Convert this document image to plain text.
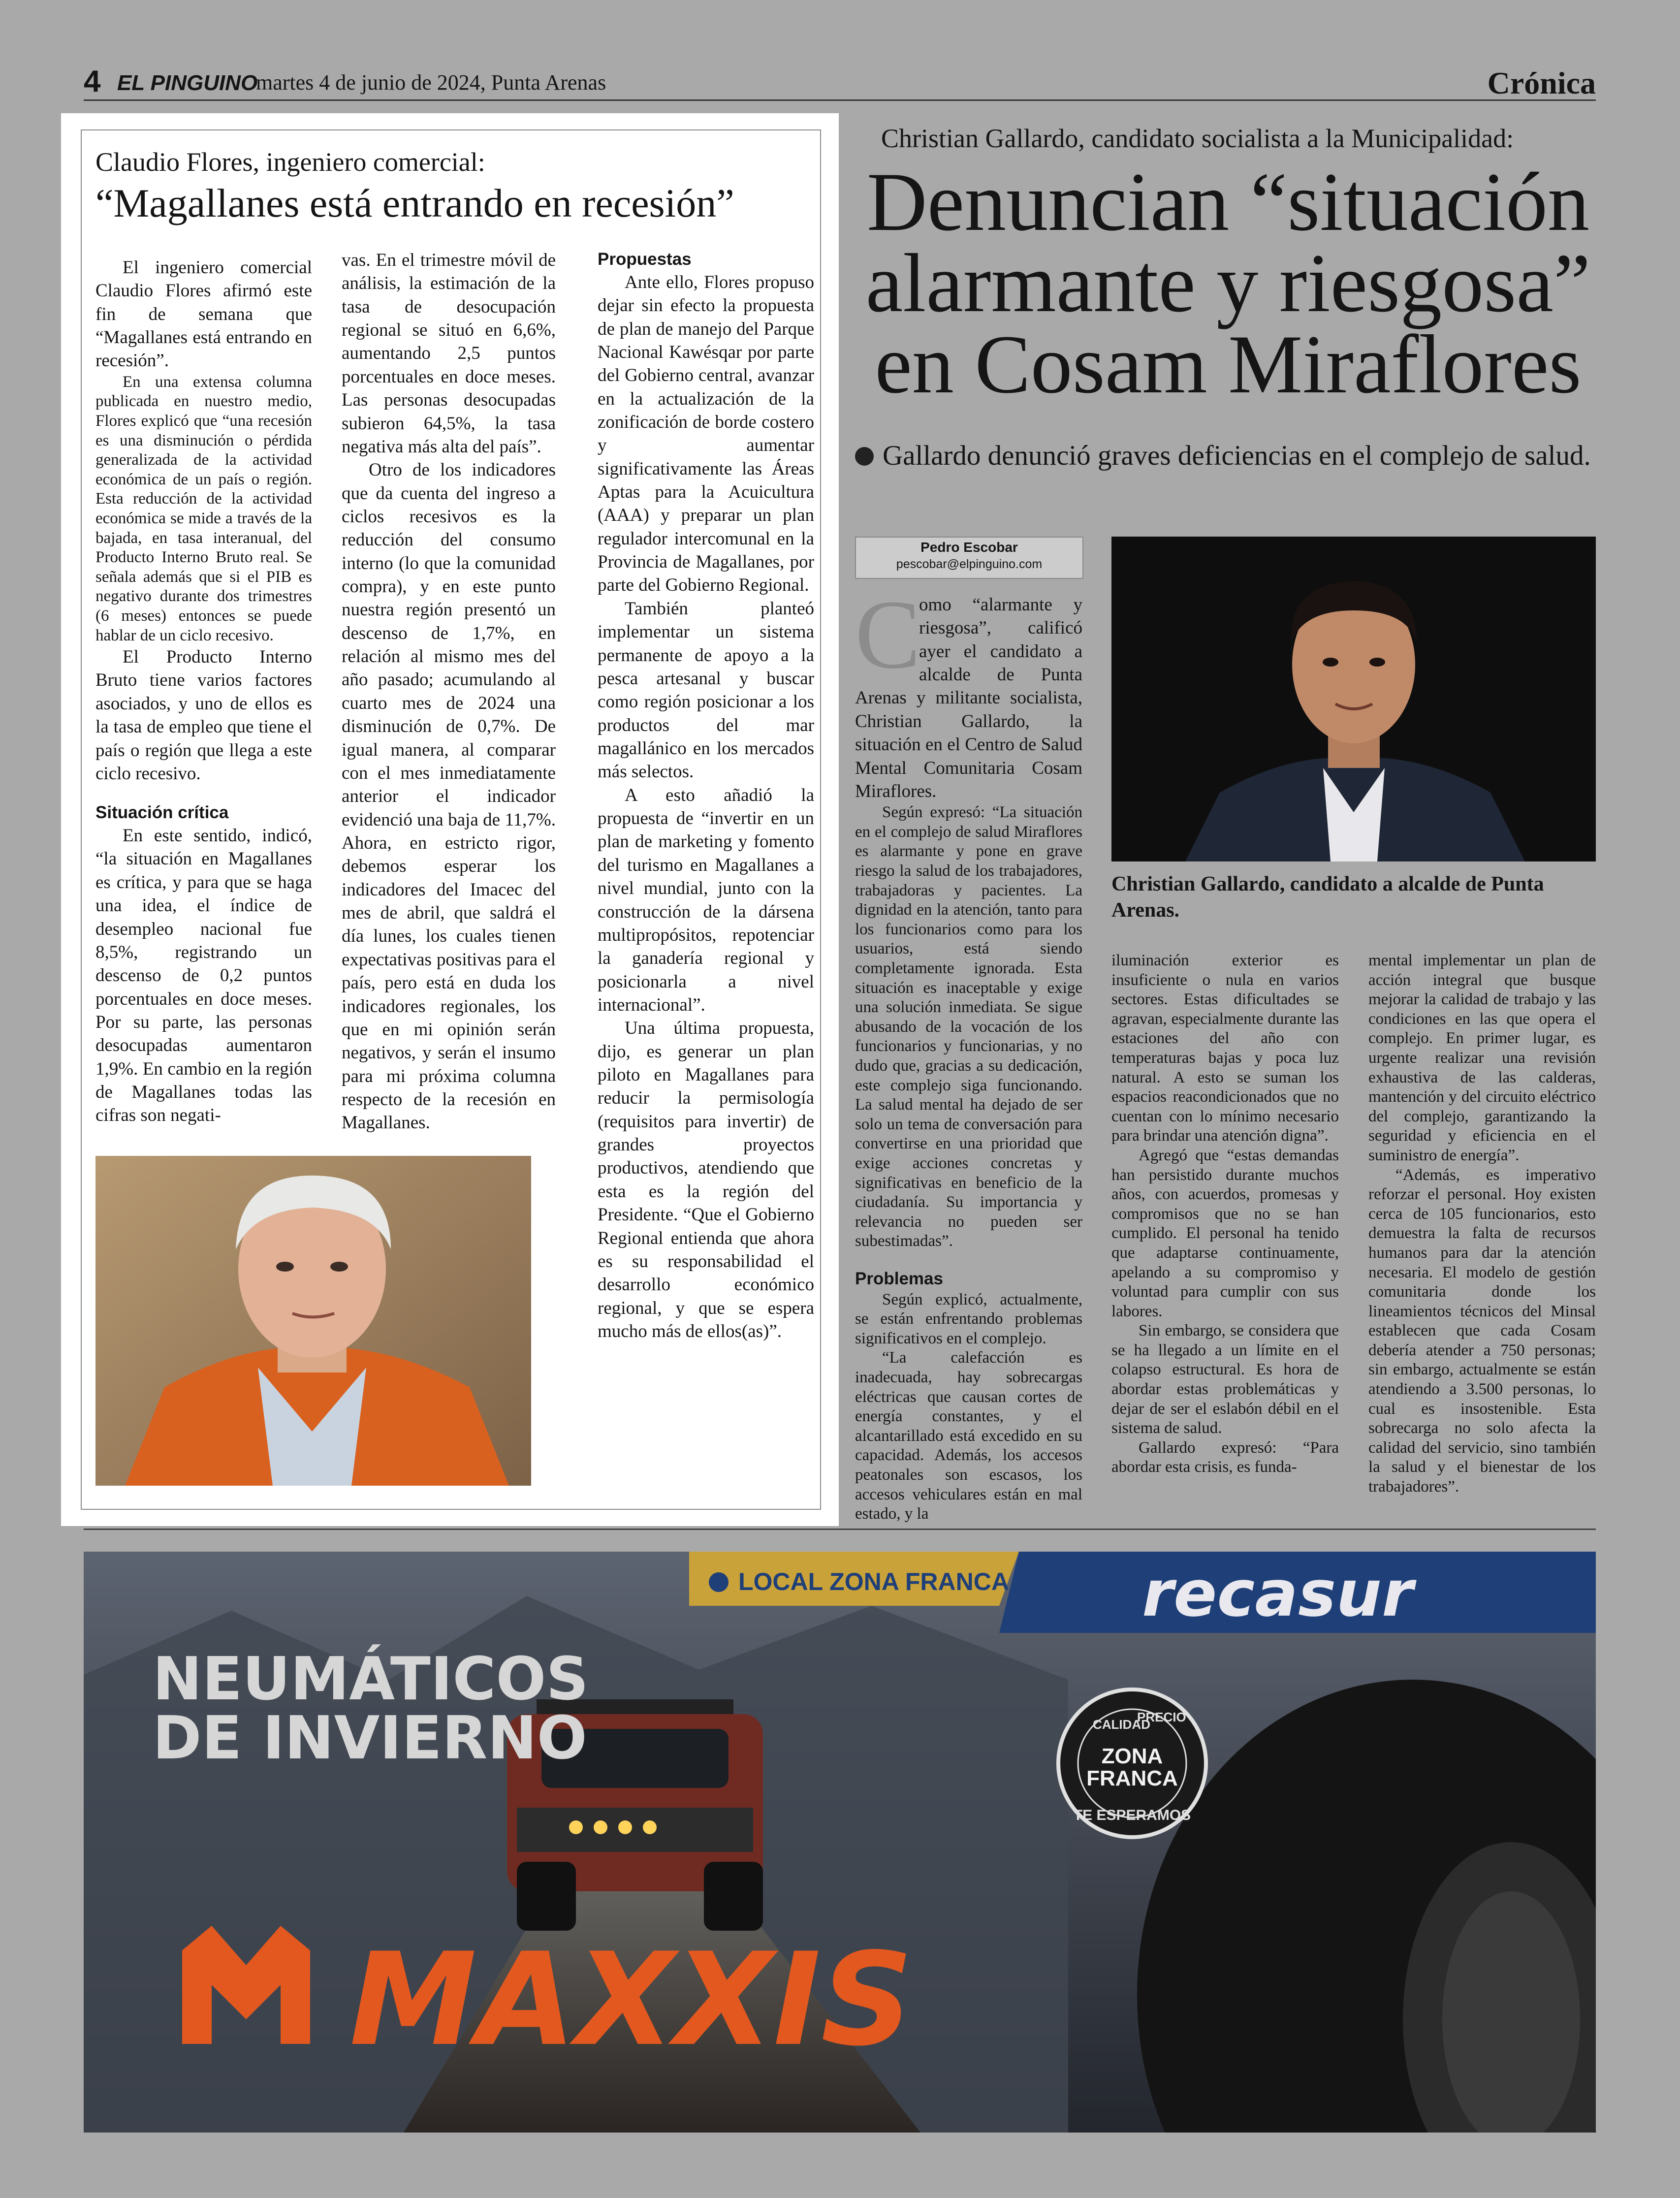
4 EL PINGUINO
martes 4 de junio de 2024, Punta Arenas	Crónica
Claudio Flores, ingeniero comercial:
“Magallanes está entrando en recesión”

El ingeniero comercial Claudio Flores afirmó este fin de semana que “Magallanes está entrando en recesión”.

En una extensa columna publicada en nuestro medio, Flores explicó que “una recesión es una disminución o pérdida generalizada de la actividad económica de un país o región. Esta reducción de la actividad económica se mide a través de la bajada, en tasa interanual, del Producto Interno Bruto real. Se señala además que si el PIB es negativo durante dos trimestres (6 meses) entonces se puede hablar de un ciclo recesivo.

El Producto Interno Bruto tiene varios factores asociados, y uno de ellos es la tasa de empleo que tiene el país o región que llega a este ciclo recesivo.

Situación crítica

En este sentido, indicó, “la situación en Magallanes es crítica, y para que se haga una idea, el índice de desempleo nacional fue 8,5%, registrando un descenso de 0,2 puntos porcentuales en doce meses. Por su parte, las personas desocupadas aumentaron 1,9%. En cambio en la región de Magallanes todas las cifras son negati-

vas. En el trimestre móvil de análisis, la estimación de la tasa de desocupación regional se situó en 6,6%, aumentando 2,5 puntos porcentuales en doce meses. Las personas desocupadas subieron 64,5%, la tasa negativa más alta del país”.

Otro de los indicadores que da cuenta del ingreso a ciclos recesivos es la reducción del consumo interno (lo que la comunidad compra), y en este punto nuestra región presentó un descenso de 1,7%, en relación al mismo mes del año pasado; acumulando al cuarto mes de 2024 una disminución de 0,7%. De igual manera, al comparar con el mes inmediatamente anterior el indicador evidenció una baja de 11,7%. Ahora, en estricto rigor, debemos esperar los indicadores del Imacec del mes de abril, que saldrá el día lunes, los cuales tienen expectativas positivas para el país, pero está en duda los indicadores regionales, los que en mi opinión serán negativos, y serán el insumo para mi próxima columna respecto de la recesión en Magallanes.

Propuestas

Ante ello, Flores propuso dejar sin efecto la propuesta de plan de manejo del Parque Nacional Kawésqar por parte del Gobierno central, avanzar en la actualización de la zonificación de borde costero y aumentar significativamente las Áreas Aptas para la Acuicultura (AAA) y preparar un plan regulador intercomunal en la Provincia de Magallanes, por parte del Gobierno Regional.

También planteó implementar un sistema permanente de apoyo a la pesca artesanal y buscar como región posicionar a los productos del mar magallánico en los mercados más selectos.

A esto añadió la propuesta de “invertir en un plan de marketing y fomento del turismo en Magallanes a nivel mundial, junto con la construcción de la dársena multipropósitos, repotenciar la ganadería regional y posicionarla a nivel internacional”.

Una última propuesta, dijo, es generar un plan piloto en Magallanes para reducir la permisología (requisitos para invertir) de grandes proyectos productivos, atendiendo que esta es la región del Presidente. “Que el Gobierno Regional entienda que ahora es su responsabilidad el desarrollo económico regional, y que se espera mucho más de ellos(as)”.

Christian Gallardo, candidato socialista a la Municipalidad:
Denuncian “situación
alarmante y riesgosa”
en Cosam Miraflores
Gallardo denunció graves deficiencias en el complejo de salud.
Pedro Escobar
pescobar@elpinguino.com
Christian Gallardo, candidato a alcalde de Punta Arenas.
C

omo “alarmante y riesgosa”, calificó ayer el candidato a alcalde de Punta Arenas y militante socialista, Christian Gallardo, la situación en el Centro de Salud Mental Comunitaria Cosam Miraflores.

Según expresó: “La situación en el complejo de salud Miraflores es alarmante y pone en grave riesgo la salud de los trabajadores, trabajadoras y pacientes. La dignidad en la atención, tanto para los funcionarios como para los usuarios, está siendo completamente ignorada. Esta situación es inaceptable y exige una solución inmediata. Se sigue abusando de la vocación de los funcionarios y funcionarias, y no dudo que, gracias a su dedicación, este complejo siga funcionando. La salud mental ha dejado de ser solo un tema de conversación para convertirse en una prioridad que exige acciones concretas y significativas en beneficio de la ciudadanía. Su importancia y relevancia no pueden ser subestimadas”.

Problemas

Según explicó, actualmente, se están enfrentando problemas significativos en el complejo.

“La calefacción es inadecuada, hay sobrecargas eléctricas que causan cortes de energía constantes, y el alcantarillado está excedido en su capacidad. Además, los accesos peatonales son escasos, los accesos vehiculares están en mal estado, y la

iluminación exterior es insuficiente o nula en varios sectores. Estas dificultades se agravan, especialmente durante las estaciones del año con temperaturas bajas y poca luz natural. A esto se suman los espacios reacondicionados que no cuentan con lo mínimo necesario para brindar una atención digna”.

Agregó que “estas demandas han persistido durante muchos años, con acuerdos, promesas y compromisos que no se han cumplido. El personal ha tenido que adaptarse continuamente, apelando a su compromiso y voluntad para cumplir con sus labores.

Sin embargo, se considera que se ha llegado a un límite en el colapso estructural. Es hora de abordar estas problemáticas y dejar de ser el eslabón débil en el sistema de salud.

Gallardo expresó: “Para abordar esta crisis, es funda-

mental implementar un plan de acción integral que busque mejorar la calidad de trabajo y las condiciones en las que opera el complejo. En primer lugar, es urgente realizar una revisión exhaustiva de las calderas, mantención y del circuito eléctrico del complejo, garantizando la seguridad y eficiencia en el suministro de energía”.

“Además, es imperativo reforzar el personal. Hoy existen cerca de 105 funcionarios, esto demuestra la falta de recursos humanos para dar la atención necesaria. El modelo de gestión comunitaria donde los lineamientos técnicos del Minsal establecen que cada Cosam debería atender a 750 personas; sin embargo, actualmente se están atendiendo a 3.500 personas, lo cual es insostenible. Esta sobrecarga no solo afecta la calidad del servicio, sino también la salud y el bienestar de los trabajadores”.

LOCAL ZONA FRANCA RETAIL recasur
NEUMÁTICOS
DE INVIERNO	CALIDAD
PRECIO
ZONA
FRANCA
TE ESPERAMOS
MAXXIS
